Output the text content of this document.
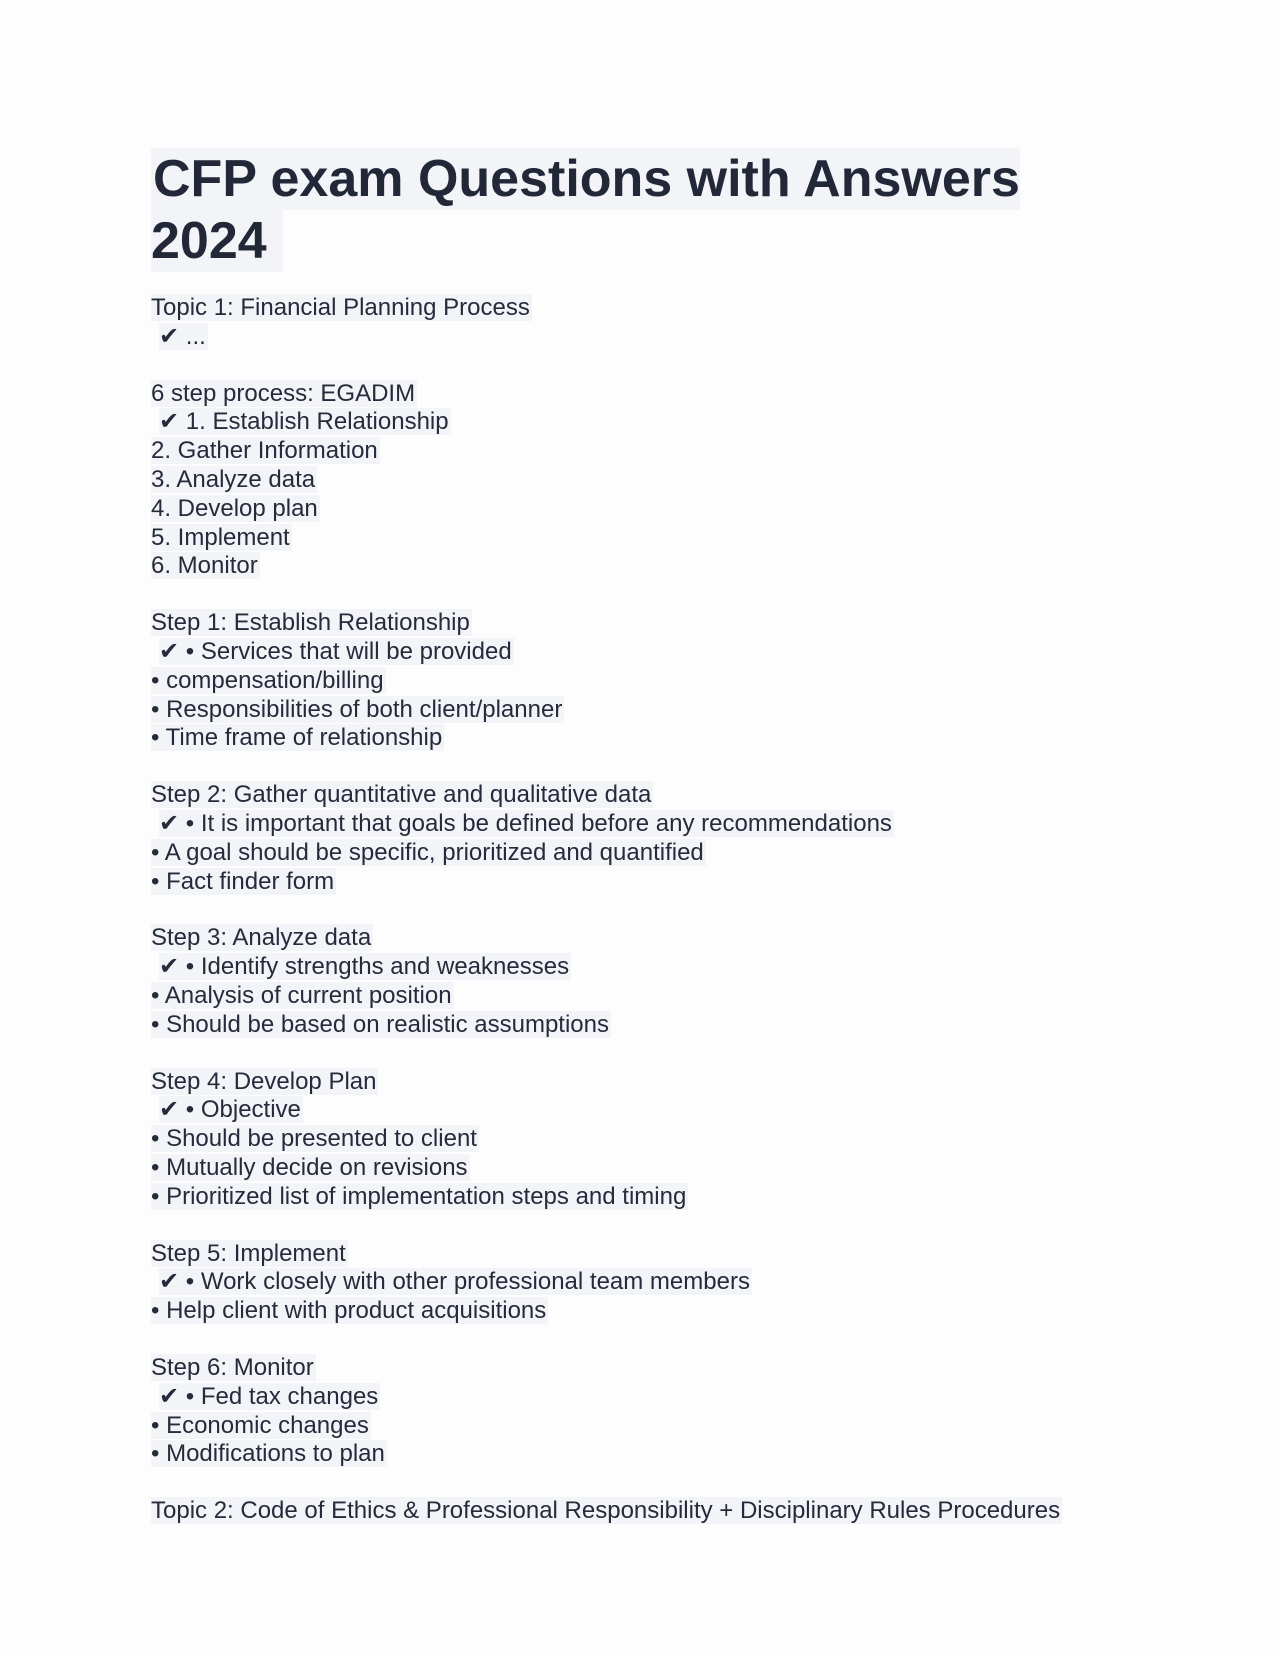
CFP exam Questions with Answers 2024
Topic 1: Financial Planning Process
✔ ...
6 step process: EGADIM
✔ 1. Establish Relationship
2. Gather Information
3. Analyze data
4. Develop plan
5. Implement
6. Monitor
Step 1: Establish Relationship
✔ • Services that will be provided
• compensation/billing
• Responsibilities of both client/planner
• Time frame of relationship
Step 2: Gather quantitative and qualitative data
✔ • It is important that goals be defined before any recommendations
• A goal should be specific, prioritized and quantified
• Fact finder form
Step 3: Analyze data
✔ • Identify strengths and weaknesses
• Analysis of current position
• Should be based on realistic assumptions
Step 4: Develop Plan
✔ • Objective
• Should be presented to client
• Mutually decide on revisions
• Prioritized list of implementation steps and timing
Step 5: Implement
✔ • Work closely with other professional team members
• Help client with product acquisitions
Step 6: Monitor
✔ • Fed tax changes
• Economic changes
• Modifications to plan
Topic 2: Code of Ethics & Professional Responsibility + Disciplinary Rules Procedures
